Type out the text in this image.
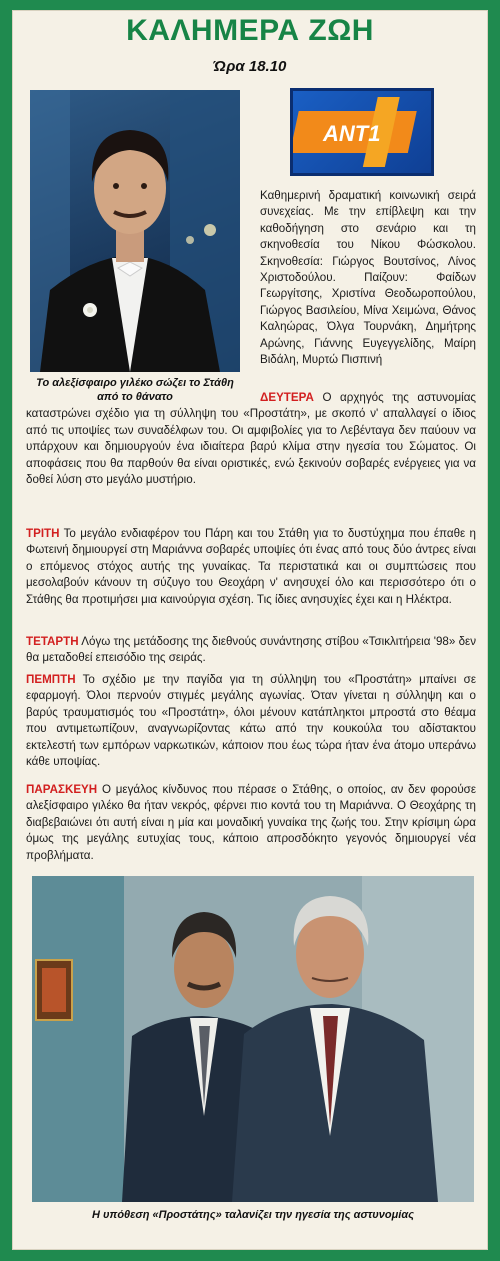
ΚΑΛΗΜΕΡΑ ΖΩΗ
Ώρα 18.10
Το αλεξίσφαιρο γιλέκο σώζει το Στάθη
από το θάνατο
ANT1
Καθημερινή δραματική κοινωνική σειρά συνεχείας. Με την επίβλεψη και την καθοδήγηση στο σενάριο και τη σκηνοθεσία του Νίκου Φώσκολου. Σκηνοθεσία: Γιώργος Βουτσίνος, Λίνος Χριστοδούλου. Παίζουν: Φαίδων Γεωργίτσης, Χριστίνα Θεοδωροπούλου, Γιώργος Βασιλείου, Μίνα Χειμώνα, Θάνος Καληώρας, Όλγα Τουρνάκη, Δημήτρης Αρώνης, Γιάννης Ευγεγγελίδης, Μαίρη Βιδάλη, Μυρτώ Πισπινή
ΔΕΥΤΕΡΑ Ο αρχηγός της αστυνομίας καταστρώνει σχέδιο για τη σύλληψη του «Προστάτη», με σκοπό ν' απαλλαγεί ο ίδιος από τις υποψίες των συναδέλφων του. Οι αμφιβολίες για το Λεβένταγα δεν παύουν να υπάρχουν και δημιουργούν ένα ιδιαίτερα βαρύ κλίμα στην ηγεσία του Σώματος. Οι αποφάσεις που θα παρθούν θα είναι οριστικές, ενώ ξεκινούν σοβαρές ενέργειες για να δοθεί λύση στο μεγάλο μυστήριο.
ΤΡΙΤΗ Το μεγάλο ενδιαφέρον του Πάρη και του Στάθη για το δυστύχημα που έπαθε η Φωτεινή δημιουργεί στη Μαριάννα σοβαρές υποψίες ότι ένας από τους δύο άντρες είναι ο επόμενος στόχος αυτής της γυναίκας. Τα περιστατικά και οι συμπτώσεις που μεσολαβούν κάνουν τη σύζυγο του Θεοχάρη ν' ανησυχεί όλο και περισσότερο ότι ο Στάθης θα προτιμήσει μια καινούργια σχέση. Τις ίδιες ανησυχίες έχει και η Ηλέκτρα.
ΤΕΤΑΡΤΗ Λόγω της μετάδοσης της διεθνούς συνάντησης στίβου «Τσικλιτήρεια '98» δεν θα μεταδοθεί επεισόδιο της σειράς.
ΠΕΜΠΤΗ Το σχέδιο με την παγίδα για τη σύλληψη του «Προστάτη» μπαίνει σε εφαρμογή. Όλοι περνούν στιγμές μεγάλης αγωνίας. Όταν γίνεται η σύλληψη και ο βαρύς τραυματισμός του «Προστάτη», όλοι μένουν κατάπληκτοι μπροστά στο θέαμα που αντιμετωπίζουν, αναγνωρίζοντας κάτω από την κουκούλα του αδίστακτου εκτελεστή των εμπόρων ναρκωτικών, κάποιον που έως τώρα ήταν ένα άτομο υπεράνω κάθε υποψίας.
ΠΑΡΑΣΚΕΥΗ Ο μεγάλος κίνδυνος που πέρασε ο Στάθης, ο οποίος, αν δεν φορούσε αλεξίσφαιρο γιλέκο θα ήταν νεκρός, φέρνει πιο κοντά του τη Μαριάννα. Ο Θεοχάρης τη διαβεβαιώνει ότι αυτή είναι η μία και μοναδική γυναίκα της ζωής του. Στην κρίσιμη ώρα όμως της μεγάλης ευτυχίας τους, κάποιο απροσδόκητο γεγονός δημιουργεί νέα προβλήματα.
Η υπόθεση «Προστάτης» ταλανίζει την ηγεσία της αστυνομίας
